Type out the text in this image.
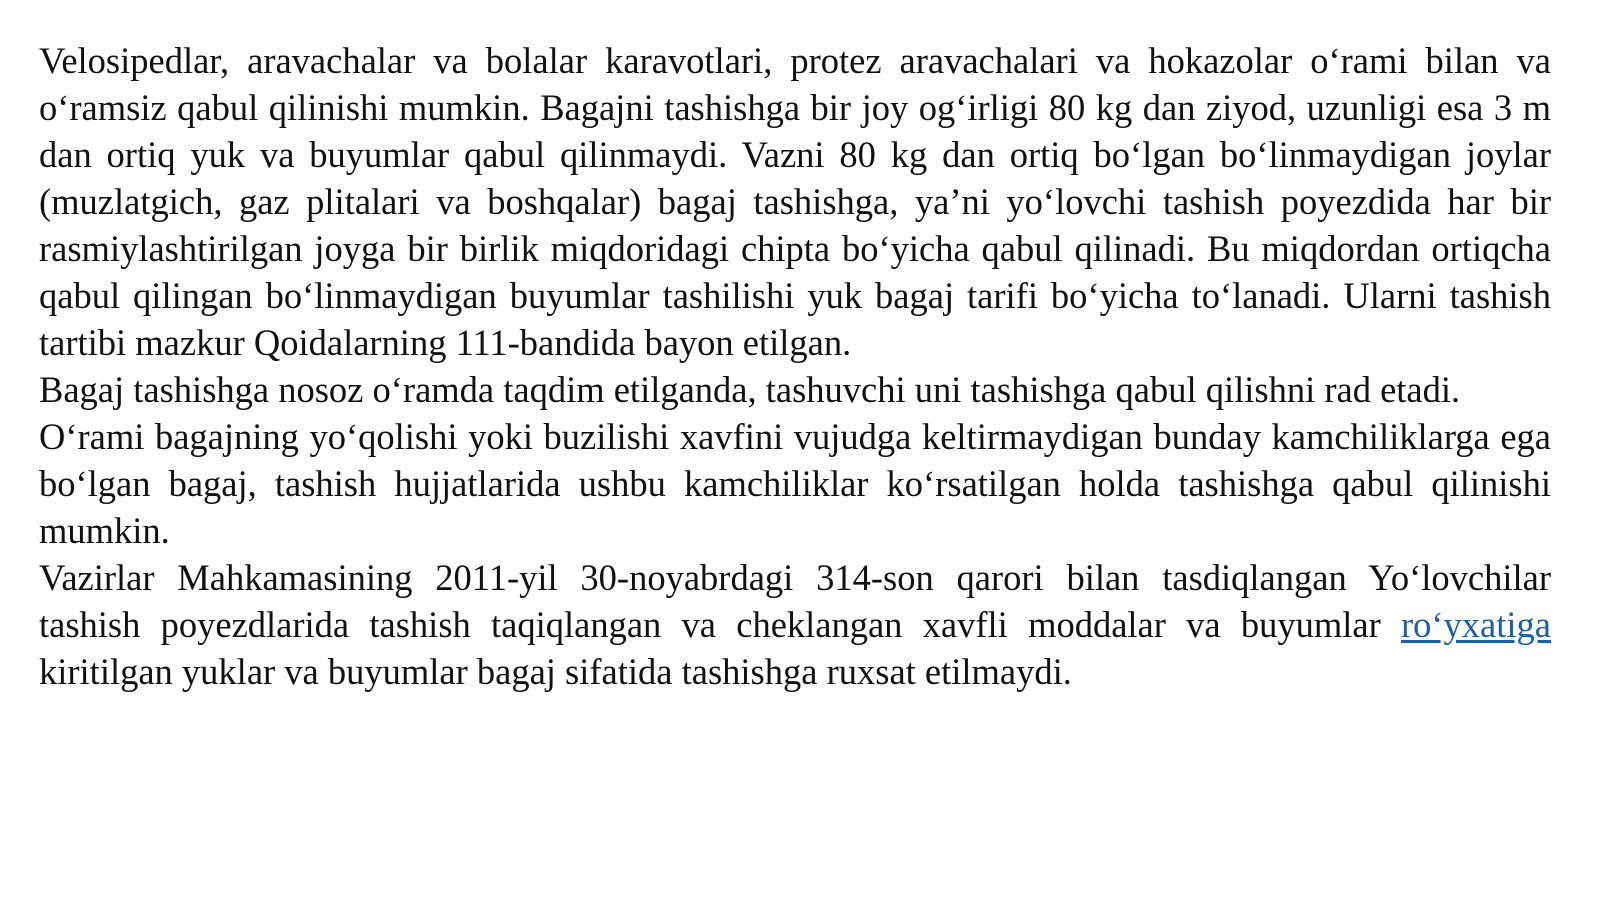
Velosipedlar, aravachalar va bolalar karavotlari, protez aravachalari va hokazolar o‘rami bilan va o‘ramsiz qabul qilinishi mumkin. Bagajni tashishga bir joy og‘irligi 80 kg dan ziyod, uzunligi esa 3 m dan ortiq yuk va buyumlar qabul qilinmaydi. Vazni 80 kg dan ortiq bo‘lgan bo‘linmaydigan joylar (muzlatgich, gaz plitalari va boshqalar) bagaj tashishga, ya’ni yo‘lovchi tashish poyezdida har bir rasmiylashtirilgan joyga bir birlik miqdoridagi chipta bo‘yicha qabul qilinadi. Bu miqdordan ortiqcha qabul qilingan bo‘linmaydigan buyumlar tashilishi yuk bagaj tarifi bo‘yicha to‘lanadi. Ularni tashish tartibi mazkur Qoidalarning 111-bandida bayon etilgan.

Bagaj tashishga nosoz o‘ramda taqdim etilganda, tashuvchi uni tashishga qabul qilishni rad etadi.

O‘rami bagajning yo‘qolishi yoki buzilishi xavfini vujudga keltirmaydigan bunday kamchiliklarga ega bo‘lgan bagaj, tashish hujjatlarida ushbu kamchiliklar ko‘rsatilgan holda tashishga qabul qilinishi mumkin.

Vazirlar Mahkamasining 2011-yil 30-noyabrdagi 314-son qarori bilan tasdiqlangan Yo‘lovchilar tashish poyezdlarida tashish taqiqlangan va cheklangan xavfli moddalar va buyumlar ro‘yxatiga kiritilgan yuklar va buyumlar bagaj sifatida tashishga ruxsat etilmaydi.
